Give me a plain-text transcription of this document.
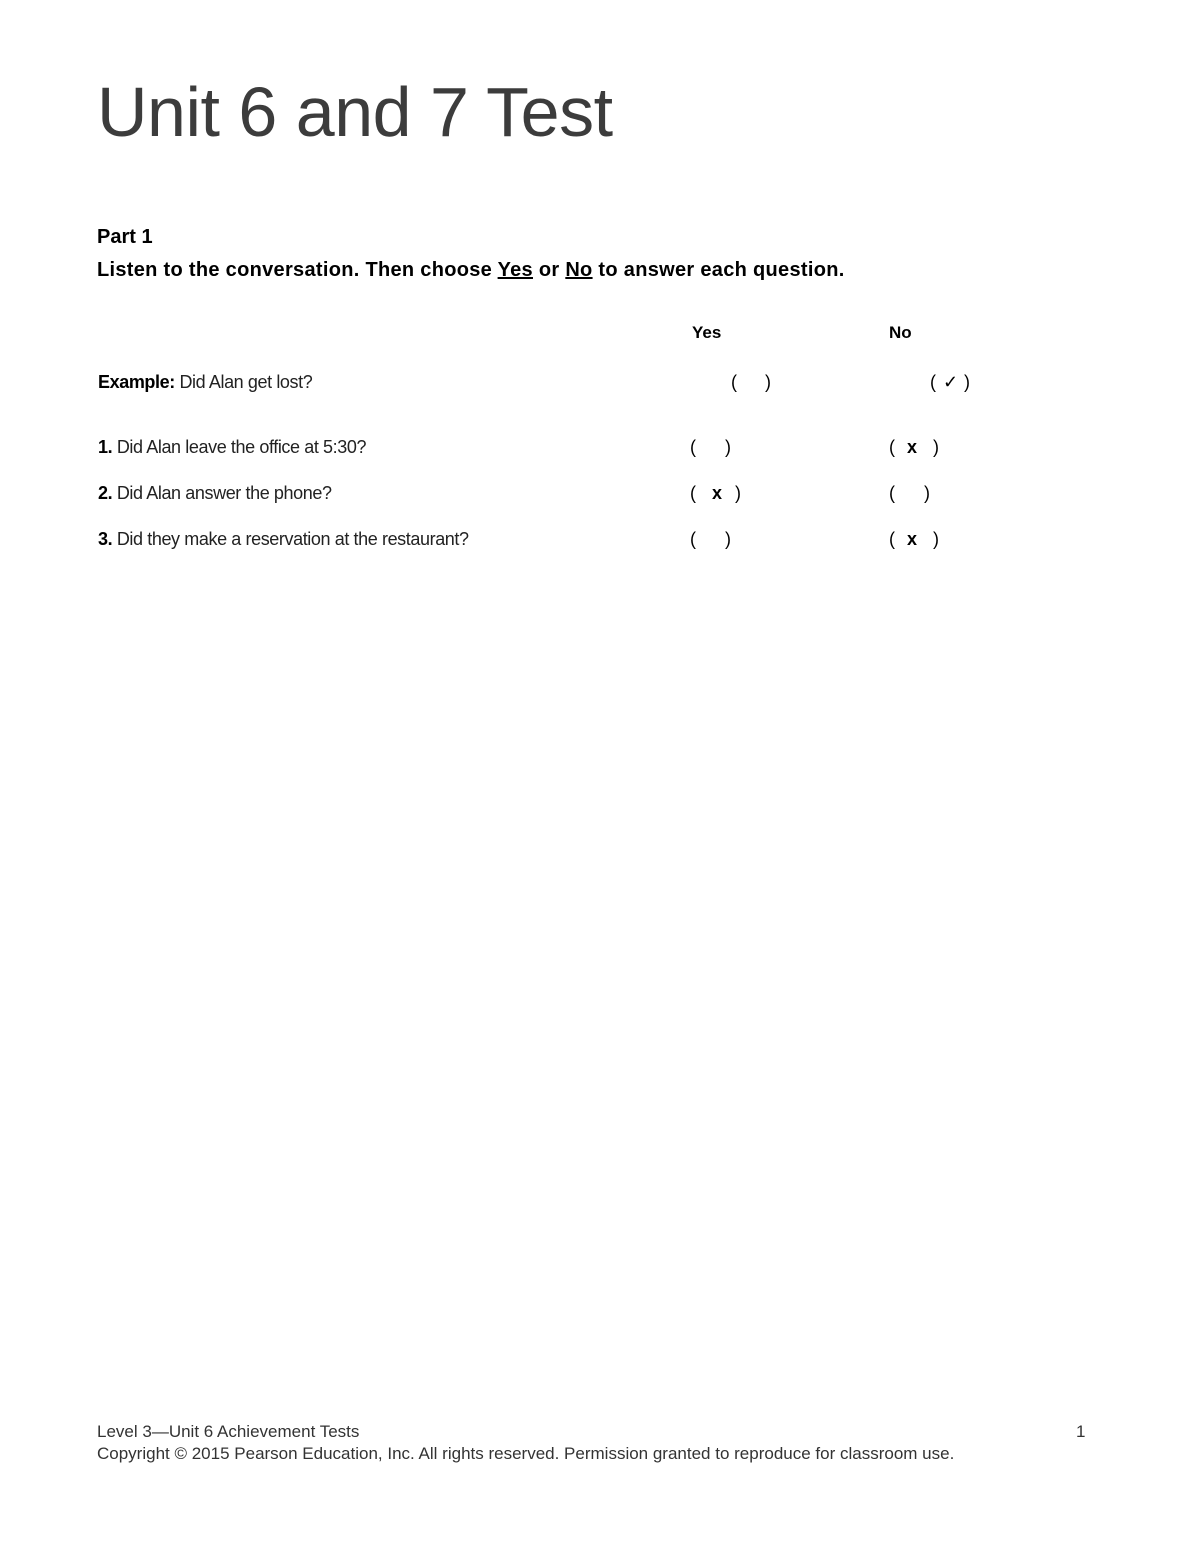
Unit 6 and 7 Test
Part 1
Listen to the conversation. Then choose Yes or No to answer each question.
Yes	No
Example: Did Alan get lost?	( )	( ✓ )
1. Did Alan leave the office at 5:30?	( )	( x )
2. Did Alan answer the phone?	( x )	( )
3. Did they make a reservation at the restaurant?	( )	( x )
Level 3—Unit 6 Achievement Tests	1
Copyright © 2015 Pearson Education, Inc. All rights reserved. Permission granted to reproduce for classroom use.
